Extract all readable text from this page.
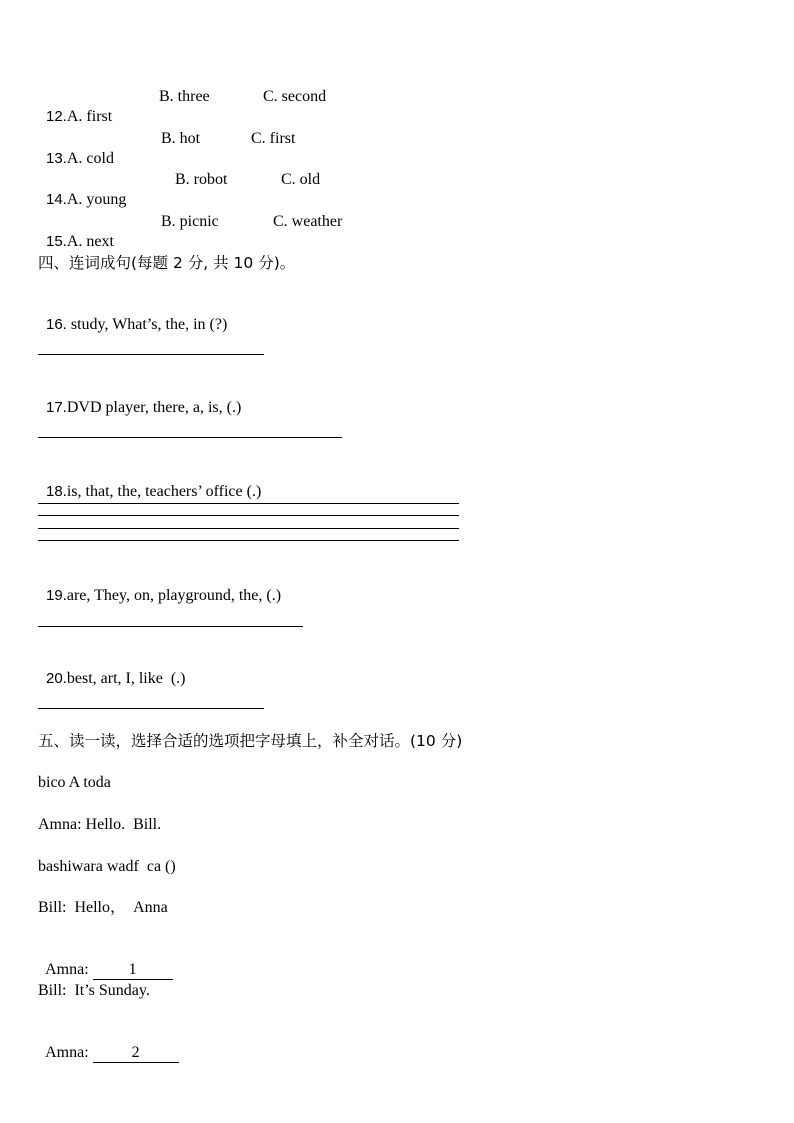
12.A. first

B. three

	C. second

13.A. cold

B. hot

	C. first

14.A. young

B. robot

	C. old

15.A. next

B. picnic

	C. weather

四、连词成句(每题 2 分, 共 10 分)。

16. study, What’s, the, in (?)

17.DVD player, there, a, is, (.)

18.is, that, the, teachers’ office (.)

19.are, They, on, playground, the, (.)

20.best, art, I, like  (.)

五、读一读，选择合适的选项把字母填上，补全对话。(10 分)
bico A toda
Amna: Hello.  Bill.
bashiwara wadf  ca ()
Bill:  Hello，  Anna

Amna: 1

Bill:  It’s Sunday.

Amna: 2
